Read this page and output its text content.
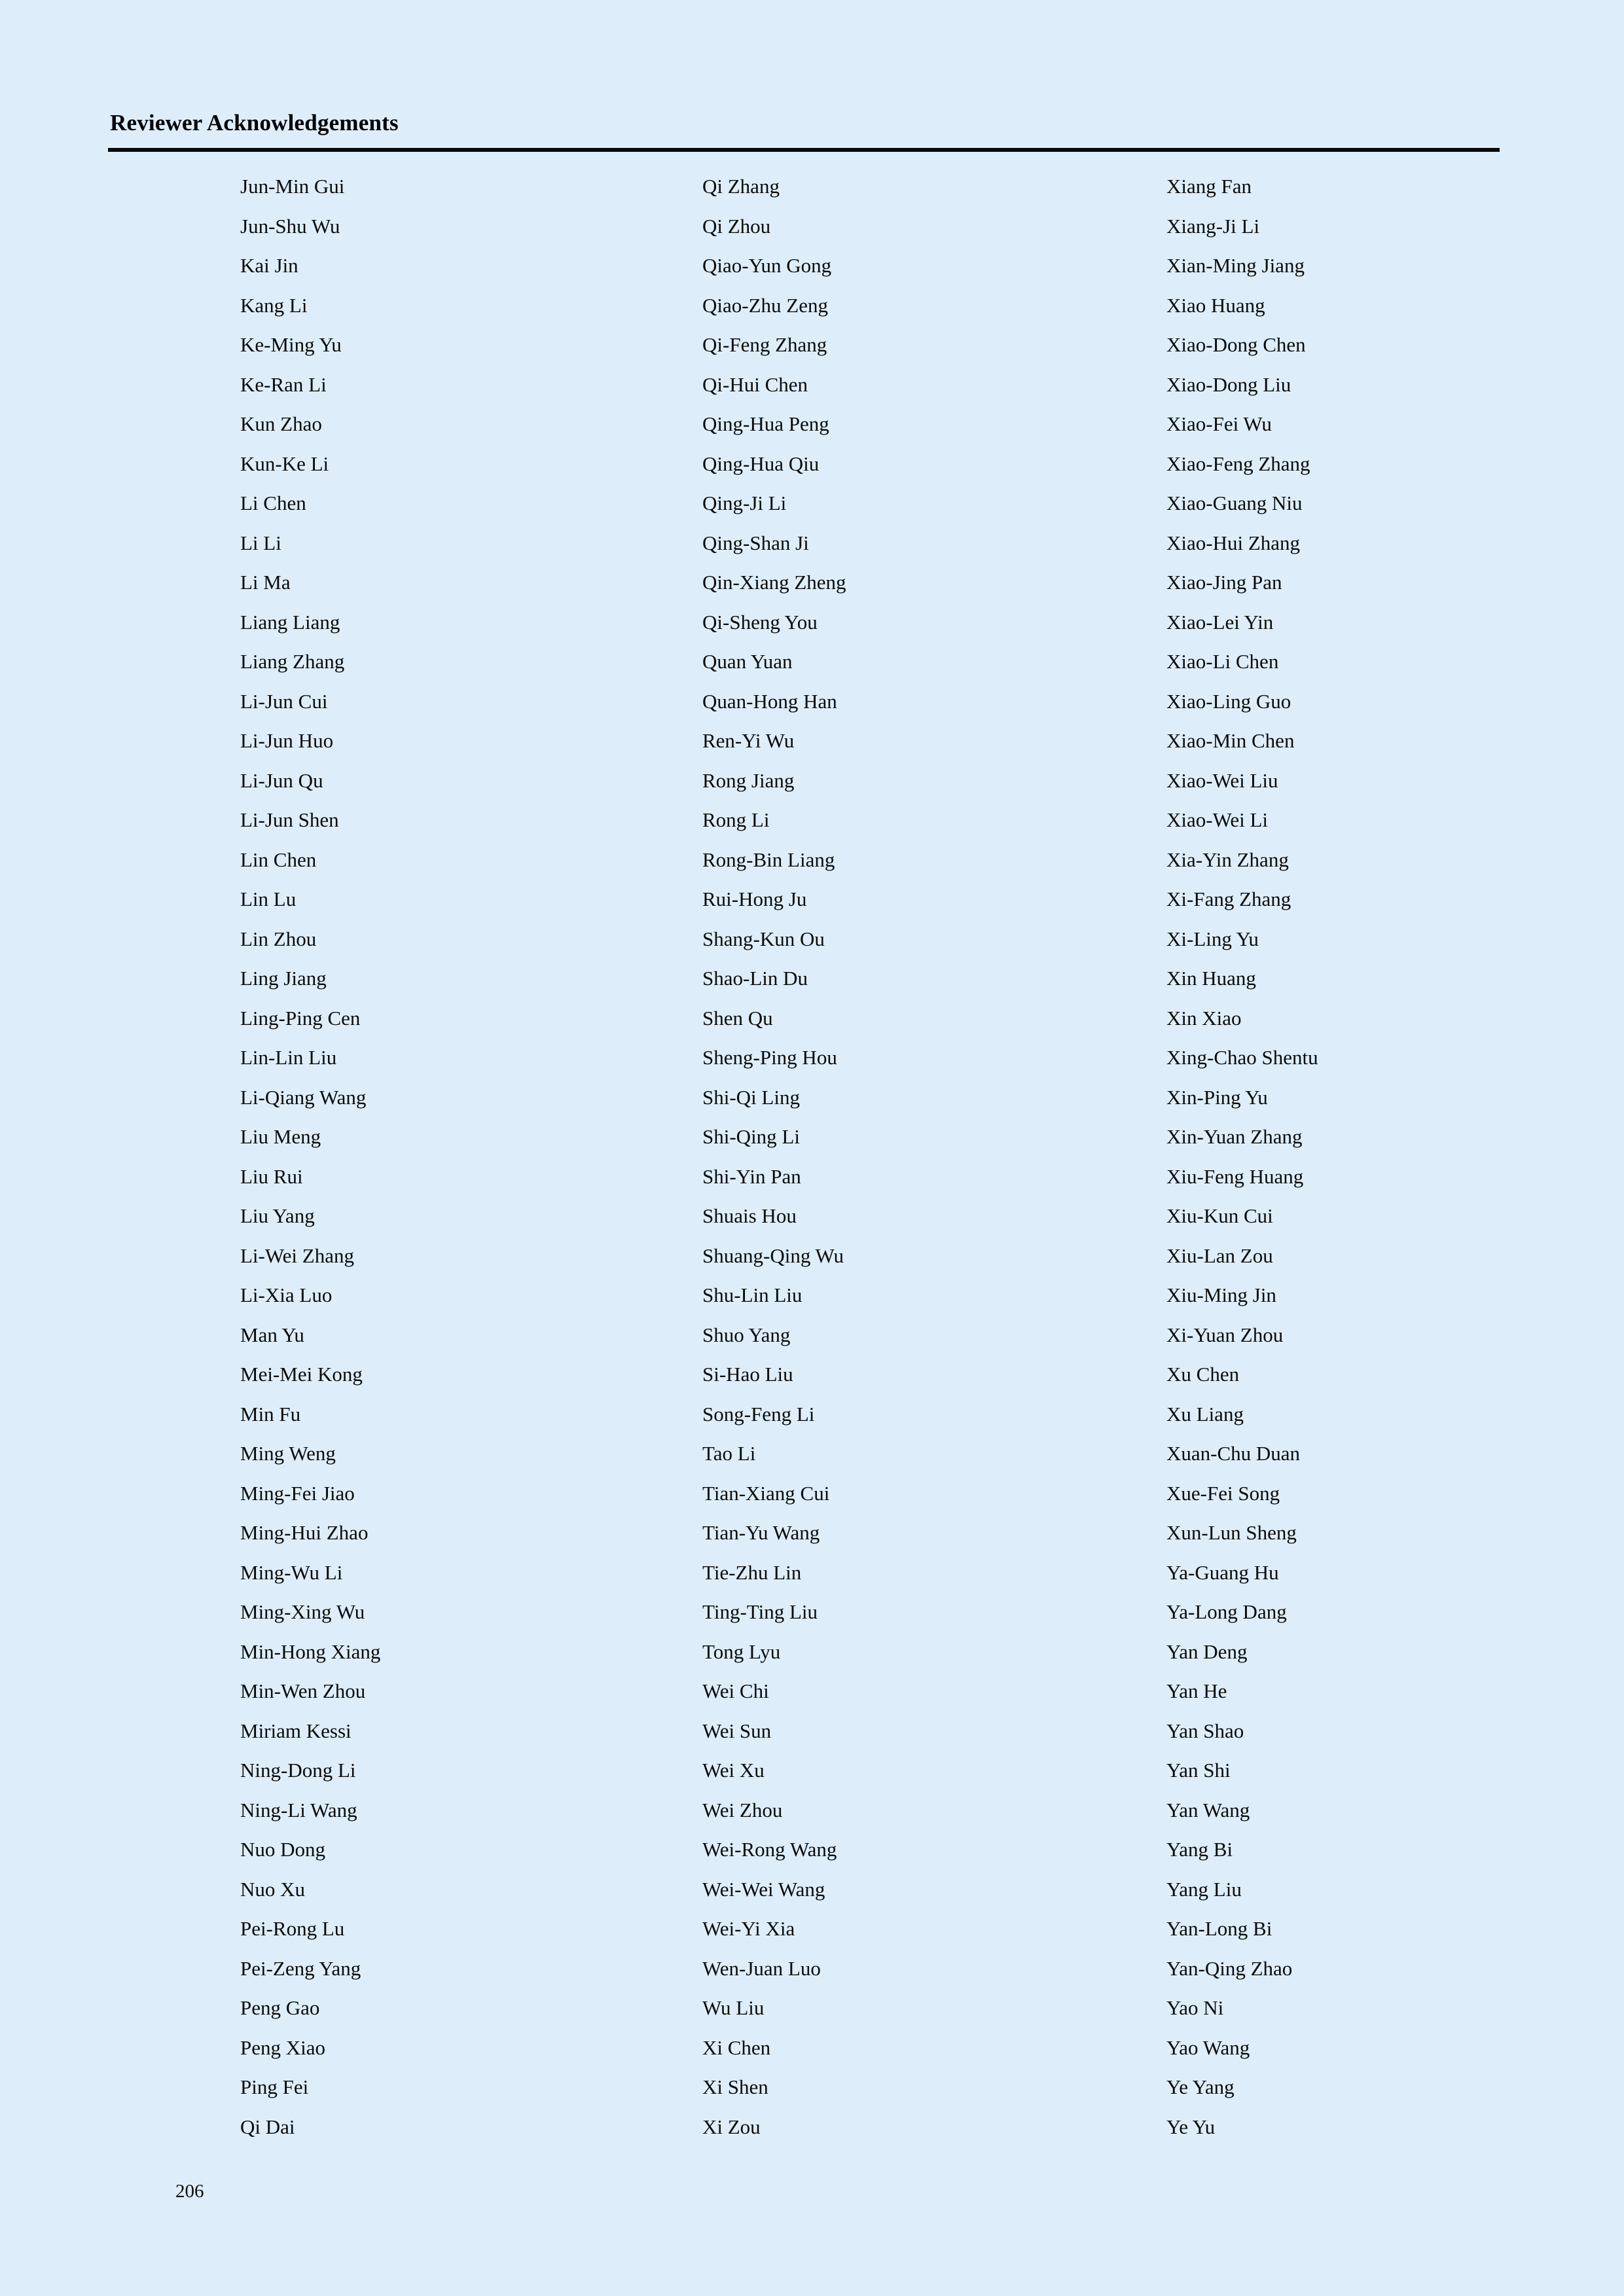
Reviewer Acknowledgements
Jun-Min Gui
Jun-Shu Wu
Kai Jin
Kang Li
Ke-Ming Yu
Ke-Ran Li
Kun Zhao
Kun-Ke Li
Li Chen
Li Li
Li Ma
Liang Liang
Liang Zhang
Li-Jun Cui
Li-Jun Huo
Li-Jun Qu
Li-Jun Shen
Lin Chen
Lin Lu
Lin Zhou
Ling Jiang
Ling-Ping Cen
Lin-Lin Liu
Li-Qiang Wang
Liu Meng
Liu Rui
Liu Yang
Li-Wei Zhang
Li-Xia Luo
Man Yu
Mei-Mei Kong
Min Fu
Ming Weng
Ming-Fei Jiao
Ming-Hui Zhao
Ming-Wu Li
Ming-Xing Wu
Min-Hong Xiang
Min-Wen Zhou
Miriam Kessi
Ning-Dong Li
Ning-Li Wang
Nuo Dong
Nuo Xu
Pei-Rong Lu
Pei-Zeng Yang
Peng Gao
Peng Xiao
Ping Fei
Qi Dai
Qi Zhang
Qi Zhou
Qiao-Yun Gong
Qiao-Zhu Zeng
Qi-Feng Zhang
Qi-Hui Chen
Qing-Hua Peng
Qing-Hua Qiu
Qing-Ji Li
Qing-Shan Ji
Qin-Xiang Zheng
Qi-Sheng You
Quan Yuan
Quan-Hong Han
Ren-Yi Wu
Rong Jiang
Rong Li
Rong-Bin Liang
Rui-Hong Ju
Shang-Kun Ou
Shao-Lin Du
Shen Qu
Sheng-Ping Hou
Shi-Qi Ling
Shi-Qing Li
Shi-Yin Pan
Shuais Hou
Shuang-Qing Wu
Shu-Lin Liu
Shuo Yang
Si-Hao Liu
Song-Feng Li
Tao Li
Tian-Xiang Cui
Tian-Yu Wang
Tie-Zhu Lin
Ting-Ting Liu
Tong Lyu
Wei Chi
Wei Sun
Wei Xu
Wei Zhou
Wei-Rong Wang
Wei-Wei Wang
Wei-Yi Xia
Wen-Juan Luo
Wu Liu
Xi Chen
Xi Shen
Xi Zou
Xiang Fan
Xiang-Ji Li
Xian-Ming Jiang
Xiao Huang
Xiao-Dong Chen
Xiao-Dong Liu
Xiao-Fei Wu
Xiao-Feng Zhang
Xiao-Guang Niu
Xiao-Hui Zhang
Xiao-Jing Pan
Xiao-Lei Yin
Xiao-Li Chen
Xiao-Ling Guo
Xiao-Min Chen
Xiao-Wei Liu
Xiao-Wei Li
Xia-Yin Zhang
Xi-Fang Zhang
Xi-Ling Yu
Xin Huang
Xin Xiao
Xing-Chao Shentu
Xin-Ping Yu
Xin-Yuan Zhang
Xiu-Feng Huang
Xiu-Kun Cui
Xiu-Lan Zou
Xiu-Ming Jin
Xi-Yuan Zhou
Xu Chen
Xu Liang
Xuan-Chu Duan
Xue-Fei Song
Xun-Lun Sheng
Ya-Guang Hu
Ya-Long Dang
Yan Deng
Yan He
Yan Shao
Yan Shi
Yan Wang
Yang Bi
Yang Liu
Yan-Long Bi
Yan-Qing Zhao
Yao Ni
Yao Wang
Ye Yang
Ye Yu
206
